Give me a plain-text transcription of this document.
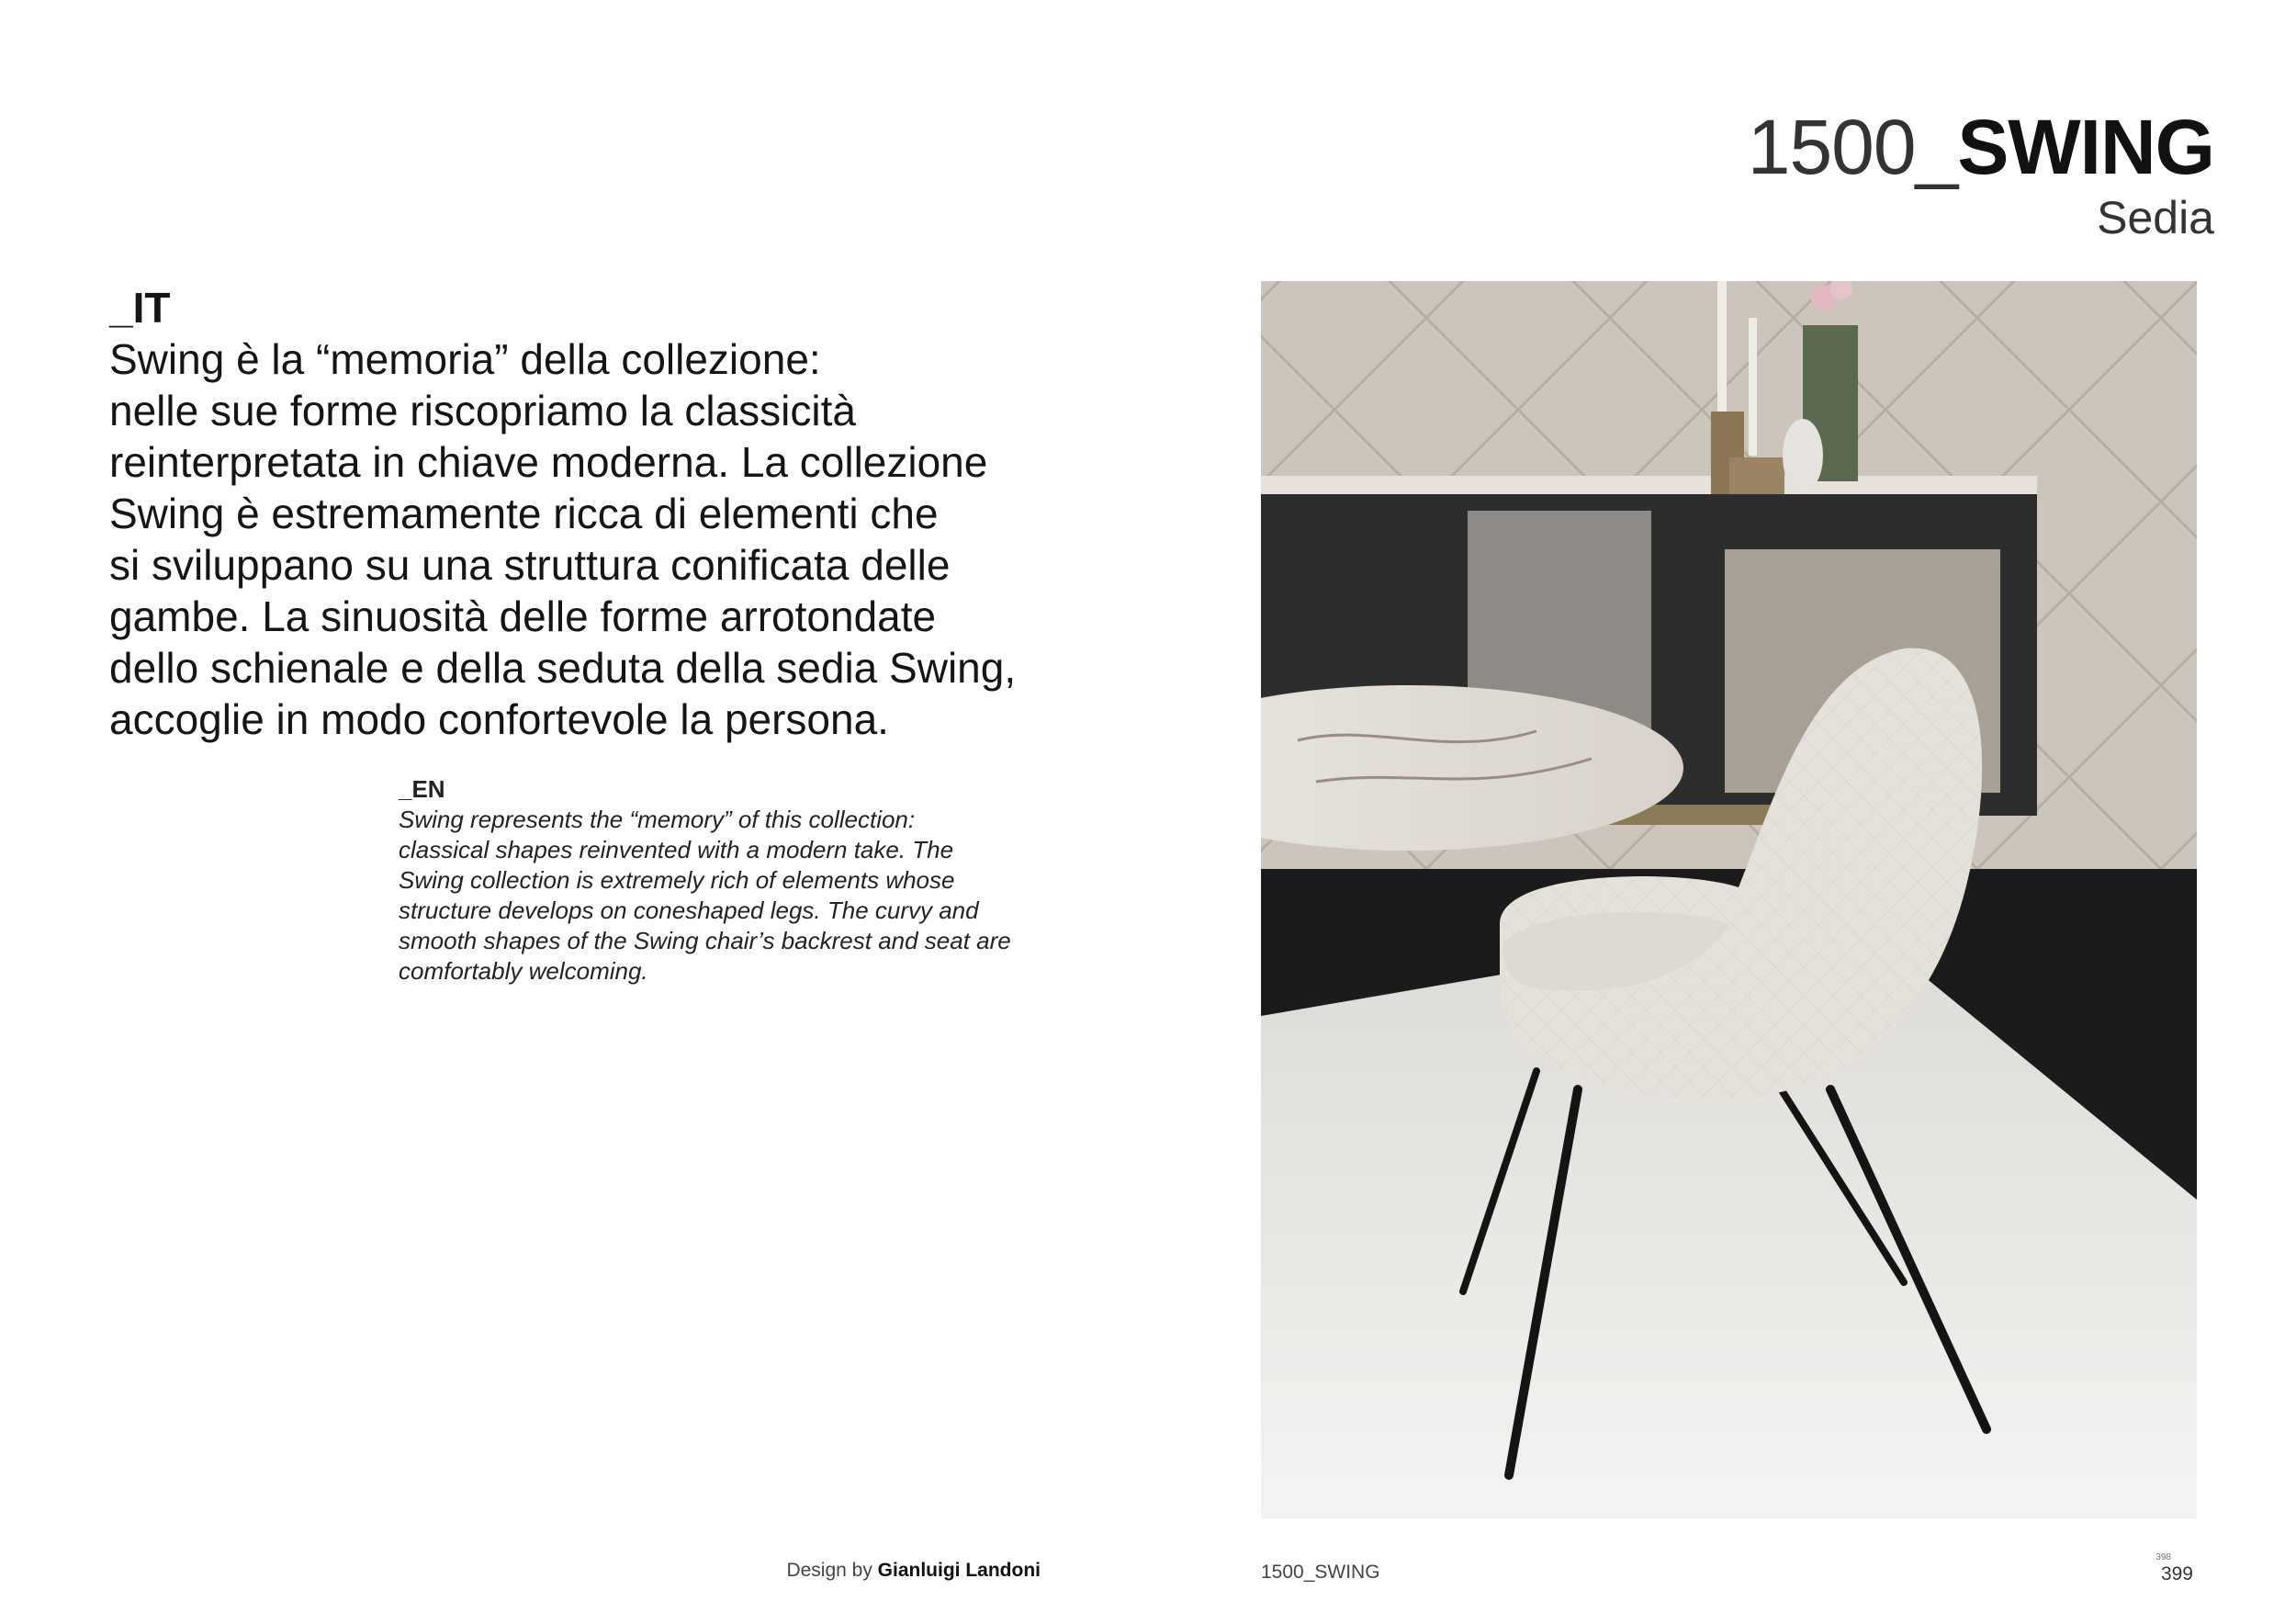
1500_SWING
Sedia
_IT
Swing è la “memoria” della collezione:
nelle sue forme riscopriamo la classicità
reinterpretata in chiave moderna. La collezione
Swing è estremamente ricca di elementi che
si sviluppano su una struttura conificata delle
gambe. La sinuosità delle forme arrotondate
dello schienale e della seduta della sedia Swing,
accoglie in modo confortevole la persona.
_EN
Swing represents the “memory” of this collection:
classical shapes reinvented with a modern take. The
Swing collection is extremely rich of elements whose
structure develops on coneshaped legs. The curvy and
smooth shapes of the Swing chair’s backrest and seat are
comfortably welcoming.
Design by Gianluigi Landoni	1500_SWING
398
399
